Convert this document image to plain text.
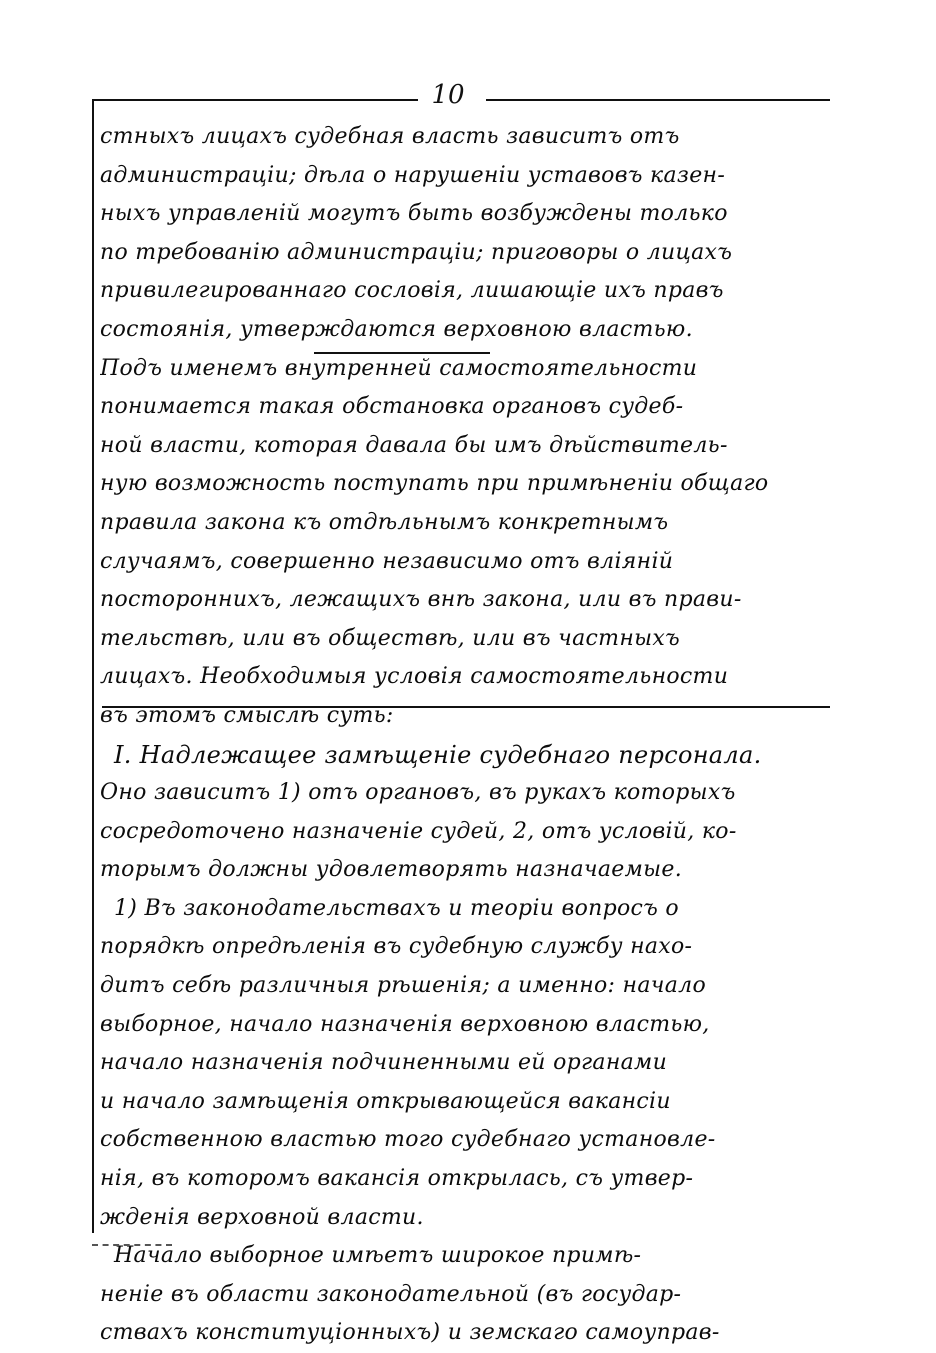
10
стныхъ лицахъ судебная власть зависитъ отъ
администраціи; дѣла о нарушеніи уставовъ казен-
ныхъ управленій могутъ быть возбуждены только
по требованію администраціи; приговоры о лицахъ
привилегированнаго сословія, лишающіе ихъ правъ
состоянія, утверждаются верховною властью.
Подъ именемъ внутренней самостоятельности
понимается такая обстановка органовъ судеб-
ной власти, которая давала бы имъ дѣйствитель-
ную возможность поступать при примѣненіи общаго
правила закона къ отдѣльнымъ конкретнымъ
случаямъ, совершенно независимо отъ вліяній
постороннихъ, лежащихъ внѣ закона, или въ прави-
тельствѣ, или въ обществѣ, или въ частныхъ
лицахъ. Необходимыя условія самостоятельности
въ этомъ смыслѣ суть:
I. Надлежащее замѣщеніе судебнаго персонала.
Оно зависитъ 1) отъ органовъ, въ рукахъ которыхъ
сосредоточено назначеніе судей, 2, отъ условій, ко-
торымъ должны удовлетворять назначаемые.
1) Въ законодательствахъ и теоріи вопросъ о
порядкѣ опредѣленія въ судебную службу нахо-
дитъ себѣ различныя рѣшенія; а именно: начало
выборное, начало назначенія верховною властью,
начало назначенія подчиненными ей органами
и начало замѣщенія открывающейся вакансіи
собственною властью того судебнаго установле-
нія, въ которомъ вакансія открылась, съ утвер-
жденія верховной власти.
Начало выборное имѣетъ широкое примѣ-
неніе въ области законодательной (въ государ-
ствахъ конституціонныхъ) и земскаго самоуправ-
